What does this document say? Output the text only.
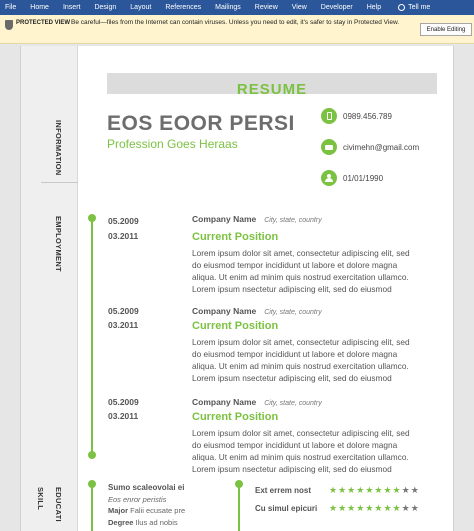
File	Home	Insert	Design	Layout	References	Mailings	Review	View	Developer	Help	Tell me
PROTECTED VIEW Be careful—files from the Internet can contain viruses. Unless you need to edit, it's safer to stay in Protected View.
Enable Editing
INFORMATION
EMPLOYMENT
EDUCATI
SKILL
RESUME
EOS EOOR PERSI
Profession Goes Heraas
0989.456.789
civimehn@gmail.com
01/01/1990
05.2009
03.2011
Company Name City, state, country
Current Position
Lorem ipsum dolor sit amet, consectetur adipiscing elit, sed
do eiusmod tempor incididunt ut labore et dolore magna
aliqua. Ut enim ad minim quis nostrud exercitation ullamco.
Lorem ipsum nsectetur adipiscing elit, sed do eiusmod
05.2009
03.2011
Company Name City, state, country
Current Position
Lorem ipsum dolor sit amet, consectetur adipiscing elit, sed
do eiusmod tempor incididunt ut labore et dolore magna
aliqua. Ut enim ad minim quis nostrud exercitation ullamco.
Lorem ipsum nsectetur adipiscing elit, sed do eiusmod
05.2009
03.2011
Company Name City, state, country
Current Position
Lorem ipsum dolor sit amet, consectetur adipiscing elit, sed
do eiusmod tempor incididunt ut labore et dolore magna
aliqua. Ut enim ad minim quis nostrud exercitation ullamco.
Lorem ipsum nsectetur adipiscing elit, sed do eiusmod
Sumo scaleovolai ei
Eos enror peristis
Major Falii ecusate pre
Degree Ilus ad nobis
Ext errem nost ★ ★ ★ ★ ★ ★ ★ ★ ★ ★
Cu simul epicuri ★ ★ ★ ★ ★ ★ ★ ★ ★ ★
